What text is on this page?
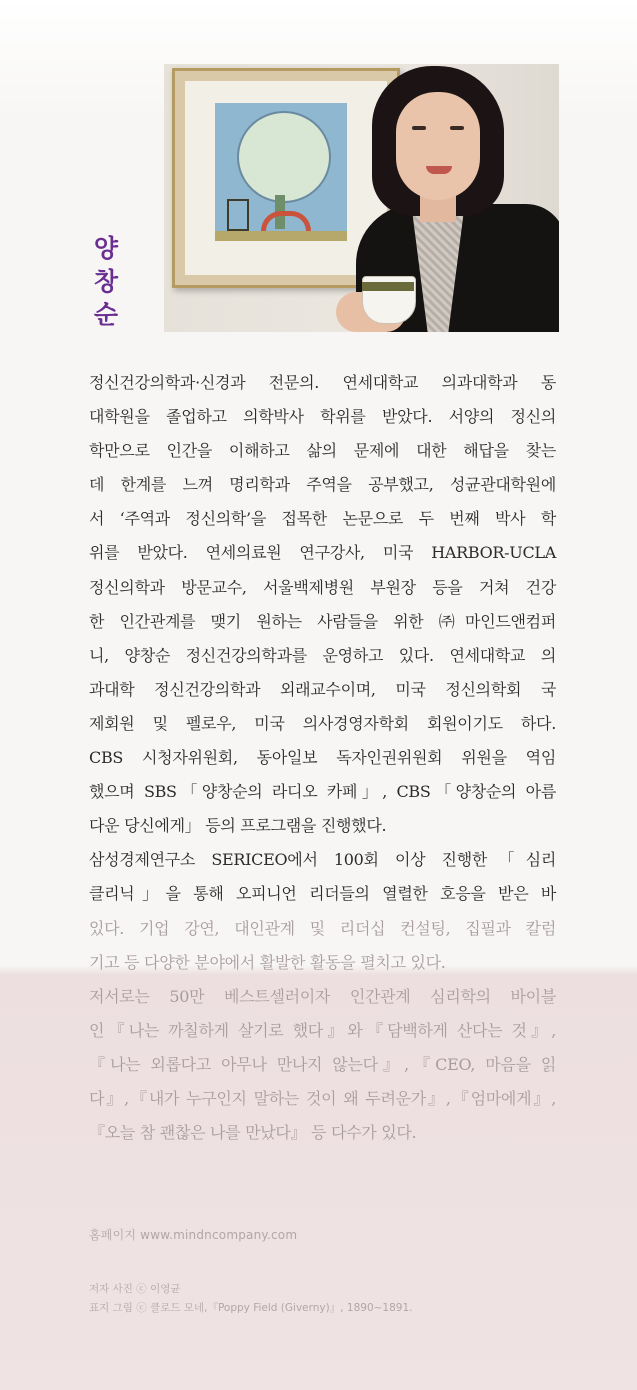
양
창
순
정신건강의학과·신경과 전문의. 연세대학교 의과대학과 동
대학원을 졸업하고 의학박사 학위를 받았다. 서양의 정신의
학만으로 인간을 이해하고 삶의 문제에 대한 해답을 찾는
데 한계를 느껴 명리학과 주역을 공부했고, 성균관대학원에
서 ‘주역과 정신의학’을 접목한 논문으로 두 번째 박사 학
위를 받았다. 연세의료원 연구강사, 미국 HARBOR-UCLA
정신의학과 방문교수, 서울백제병원 부원장 등을 거쳐 건강
한 인간관계를 맺기 원하는 사람들을 위한 ㈜마인드앤컴퍼
니, 양창순 정신건강의학과를 운영하고 있다. 연세대학교 의
과대학 정신건강의학과 외래교수이며, 미국 정신의학회 국
제회원 및 펠로우, 미국 의사경영자학회 회원이기도 하다.
CBS 시청자위원회, 동아일보 독자인권위원회 위원을 역임
했으며 SBS「양창순의 라디오 카페」, CBS「양창순의 아름
다운 당신에게」 등의 프로그램을 진행했다.
삼성경제연구소 SERICEO에서 100회 이상 진행한「심리
클리닉」을 통해 오피니언 리더들의 열렬한 호응을 받은 바
있다. 기업 강연, 대인관계 및 리더십 컨설팅, 집필과 칼럼
기고 등 다양한 분야에서 활발한 활동을 펼치고 있다.
저서로는 50만 베스트셀러이자 인간관계 심리학의 바이블
인『나는 까칠하게 살기로 했다』와『담백하게 산다는 것』,
『나는 외롭다고 아무나 만나지 않는다』,『CEO, 마음을 읽
다』,『내가 누구인지 말하는 것이 왜 두려운가』,『엄마에게』,
『오늘 참 괜찮은 나를 만났다』 등 다수가 있다.
홈페이지 www.mindncompany.com
저자 사진 ⓒ 이영균
표지 그림 ⓒ 클로드 모네,『Poppy Field (Giverny)』, 1890~1891.
